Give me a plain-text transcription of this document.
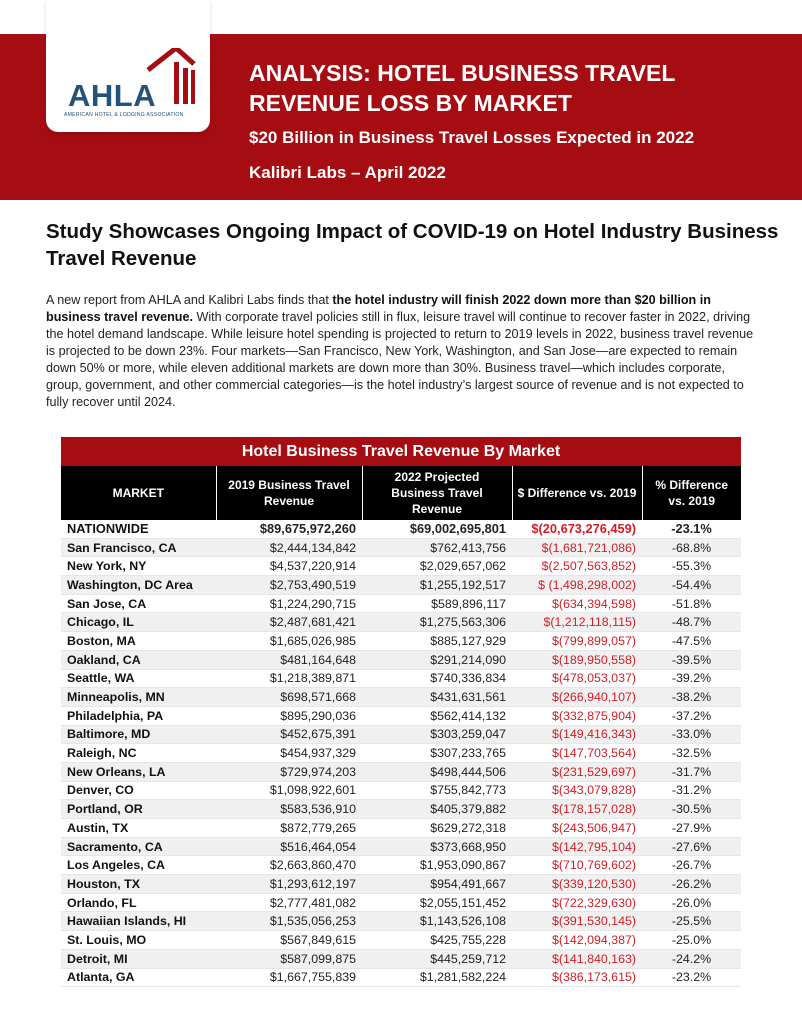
AHLA
AMERICAN HOTEL & LODGING ASSOCIATION
ANALYSIS: HOTEL BUSINESS TRAVEL
REVENUE LOSS BY MARKET
$20 Billion in Business Travel Losses Expected in 2022
Kalibri Labs – April 2022
Study Showcases Ongoing Impact of COVID-19 on Hotel Industry Business Travel Revenue
A new report from AHLA and Kalibri Labs finds that the hotel industry will finish 2022 down more than $20 billion in business travel revenue. With corporate travel policies still in flux, leisure travel will continue to recover faster in 2022, driving the hotel demand landscape. While leisure hotel spending is projected to return to 2019 levels in 2022, business travel revenue is projected to be down 23%. Four markets—San Francisco, New York, Washington, and San Jose—are expected to remain down 50% or more, while eleven additional markets are down more than 30%. Business travel—which includes corporate, group, government, and other commercial categories—is the hotel industry’s largest source of revenue and is not expected to fully recover until 2024.
Hotel Business Travel Revenue By Market
MARKET	2019 Business Travel Revenue	2022 Projected Business Travel Revenue	$ Difference vs. 2019	% Difference vs. 2019
NATIONWIDE	$89,675,972,260	$69,002,695,801	$(20,673,276,459)	-23.1%
San Francisco, CA	$2,444,134,842	$762,413,756	$(1,681,721,086)	-68.8%
New York, NY	$4,537,220,914	$2,029,657,062	$(2,507,563,852)	-55.3%
Washington, DC Area	$2,753,490,519	$1,255,192,517	$ (1,498,298,002)	-54.4%
San Jose, CA	$1,224,290,715	$589,896,117	$(634,394,598)	-51.8%
Chicago, IL	$2,487,681,421	$1,275,563,306	$(1,212,118,115)	-48.7%
Boston, MA	$1,685,026,985	$885,127,929	$(799,899,057)	-47.5%
Oakland, CA	$481,164,648	$291,214,090	$(189,950,558)	-39.5%
Seattle, WA	$1,218,389,871	$740,336,834	$(478,053,037)	-39.2%
Minneapolis, MN	$698,571,668	$431,631,561	$(266,940,107)	-38.2%
Philadelphia, PA	$895,290,036	$562,414,132	$(332,875,904)	-37.2%
Baltimore, MD	$452,675,391	$303,259,047	$(149,416,343)	-33.0%
Raleigh, NC	$454,937,329	$307,233,765	$(147,703,564)	-32.5%
New Orleans, LA	$729,974,203	$498,444,506	$(231,529,697)	-31.7%
Denver, CO	$1,098,922,601	$755,842,773	$(343,079,828)	-31.2%
Portland, OR	$583,536,910	$405,379,882	$(178,157,028)	-30.5%
Austin, TX	$872,779,265	$629,272,318	$(243,506,947)	-27.9%
Sacramento, CA	$516,464,054	$373,668,950	$(142,795,104)	-27.6%
Los Angeles, CA	$2,663,860,470	$1,953,090,867	$(710,769,602)	-26.7%
Houston, TX	$1,293,612,197	$954,491,667	$(339,120,530)	-26.2%
Orlando, FL	$2,777,481,082	$2,055,151,452	$(722,329,630)	-26.0%
Hawaiian Islands, HI	$1,535,056,253	$1,143,526,108	$(391,530,145)	-25.5%
St. Louis, MO	$567,849,615	$425,755,228	$(142,094,387)	-25.0%
Detroit, MI	$587,099,875	$445,259,712	$(141,840,163)	-24.2%
Atlanta, GA	$1,667,755,839	$1,281,582,224	$(386,173,615)	-23.2%
